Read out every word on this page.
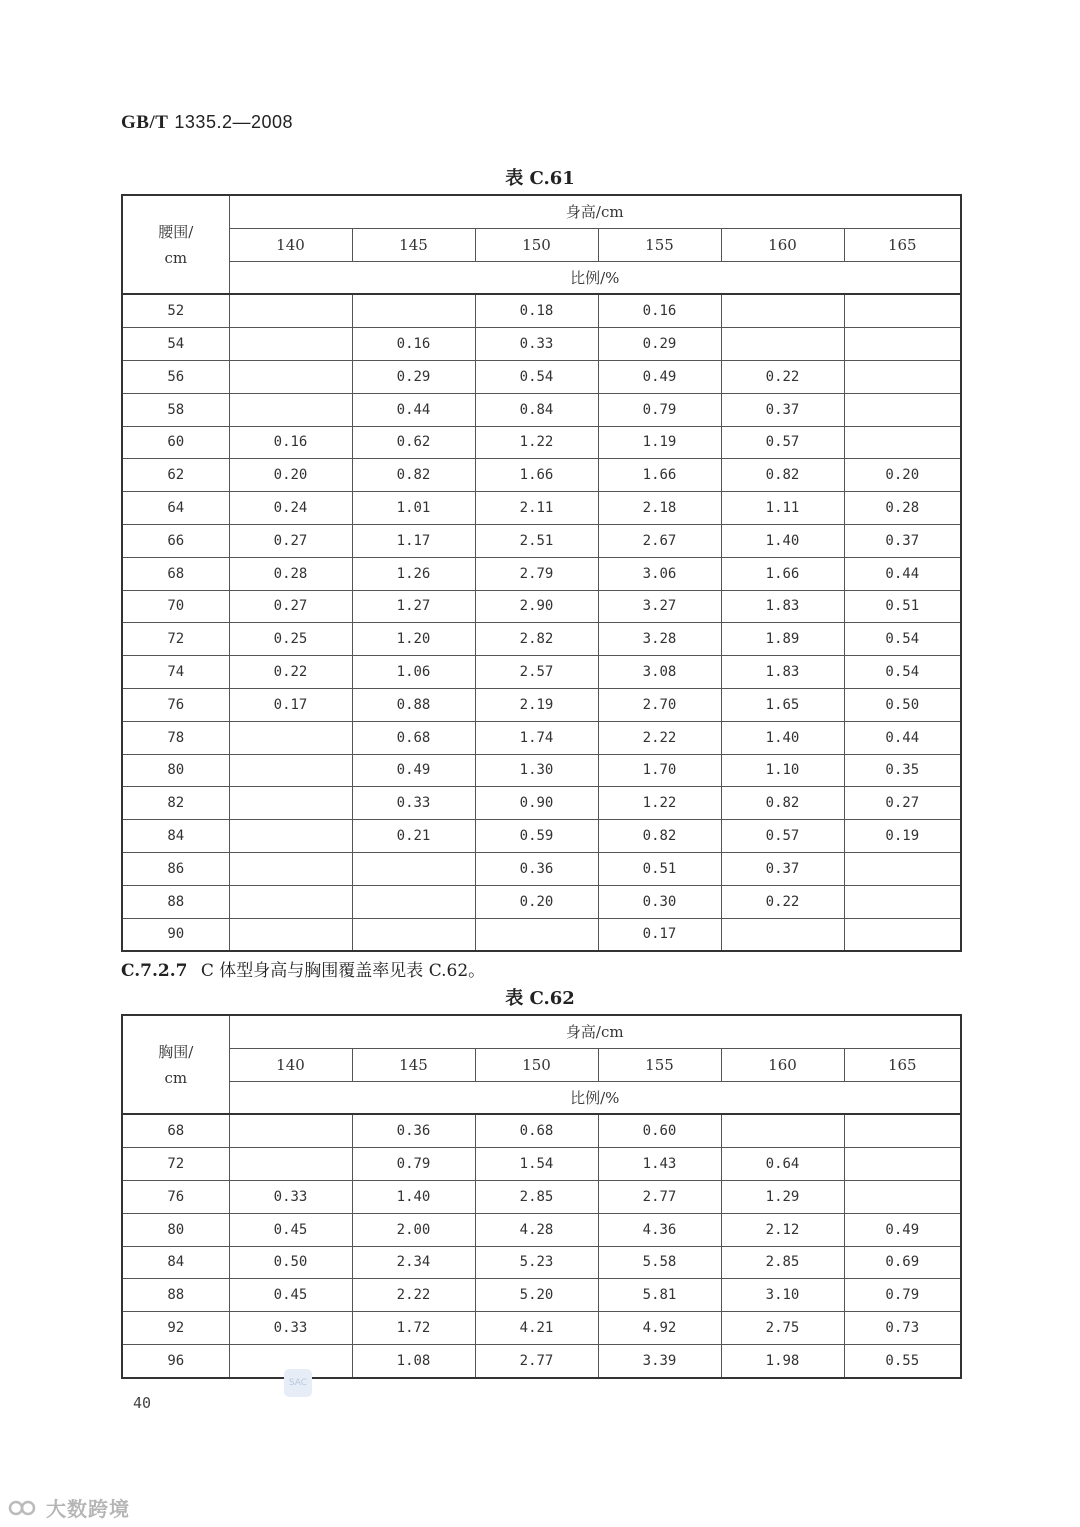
GB/T 1335.2—2008
表 C.61
腰围/
cm	身高/cm					
	140	145	150	155	160	165
	比例/%					
52			0.18	0.16		
54		0.16	0.33	0.29		
56		0.29	0.54	0.49	0.22	
58		0.44	0.84	0.79	0.37	
60	0.16	0.62	1.22	1.19	0.57	
62	0.20	0.82	1.66	1.66	0.82	0.20
64	0.24	1.01	2.11	2.18	1.11	0.28
66	0.27	1.17	2.51	2.67	1.40	0.37
68	0.28	1.26	2.79	3.06	1.66	0.44
70	0.27	1.27	2.90	3.27	1.83	0.51
72	0.25	1.20	2.82	3.28	1.89	0.54
74	0.22	1.06	2.57	3.08	1.83	0.54
76	0.17	0.88	2.19	2.70	1.65	0.50
78		0.68	1.74	2.22	1.40	0.44
80		0.49	1.30	1.70	1.10	0.35
82		0.33	0.90	1.22	0.82	0.27
84		0.21	0.59	0.82	0.57	0.19
86			0.36	0.51	0.37	
88			0.20	0.30	0.22	
90				0.17		
C.7.2.7 C 体型身高与胸围覆盖率见表 C.62。
表 C.62
胸围/
cm	身高/cm					
	140	145	150	155	160	165
	比例/%					
68		0.36	0.68	0.60		
72		0.79	1.54	1.43	0.64	
76	0.33	1.40	2.85	2.77	1.29	
80	0.45	2.00	4.28	4.36	2.12	0.49
84	0.50	2.34	5.23	5.58	2.85	0.69
88	0.45	2.22	5.20	5.81	3.10	0.79
92	0.33	1.72	4.21	4.92	2.75	0.73
96		1.08	2.77	3.39	1.98	0.55
40
SAC
大数跨境
